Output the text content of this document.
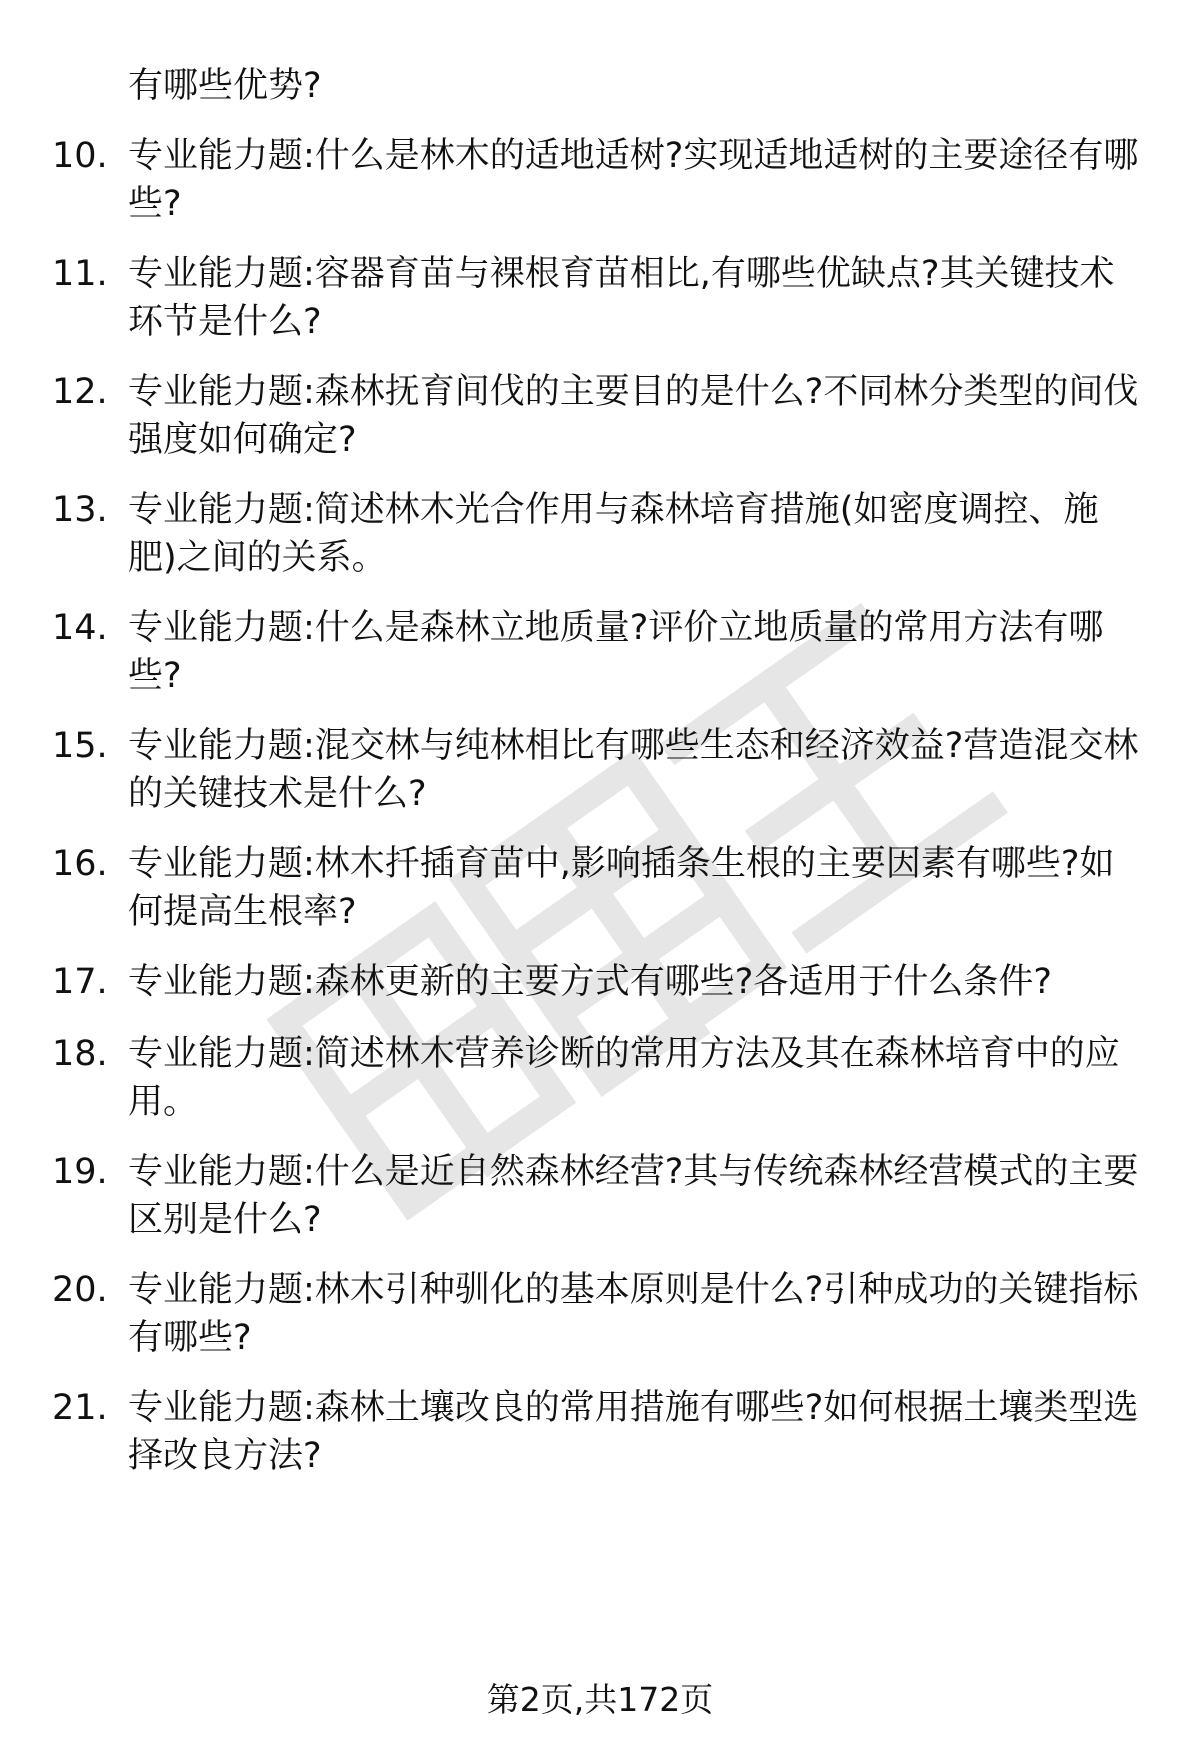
有哪些优势?
10. 专业能力题:什么是林木的适地适树?实现适地适树的主要途径有哪些?
11. 专业能力题:容器育苗与裸根育苗相比,有哪些优缺点?其关键技术环节是什么?
12. 专业能力题:森林抚育间伐的主要目的是什么?不同林分类型的间伐强度如何确定?
13. 专业能力题:简述林木光合作用与森林培育措施(如密度调控、施肥)之间的关系。
14. 专业能力题:什么是森林立地质量?评价立地质量的常用方法有哪些?
15. 专业能力题:混交林与纯林相比有哪些生态和经济效益?营造混交林的关键技术是什么?
16. 专业能力题:林木扦插育苗中,影响插条生根的主要因素有哪些?如何提高生根率?
17. 专业能力题:森林更新的主要方式有哪些?各适用于什么条件?
18. 专业能力题:简述林木营养诊断的常用方法及其在森林培育中的应用。
19. 专业能力题:什么是近自然森林经营?其与传统森林经营模式的主要区别是什么?
20. 专业能力题:林木引种驯化的基本原则是什么?引种成功的关键指标有哪些?
21. 专业能力题:森林土壤改良的常用措施有哪些?如何根据土壤类型选择改良方法?
第2页,共172页
